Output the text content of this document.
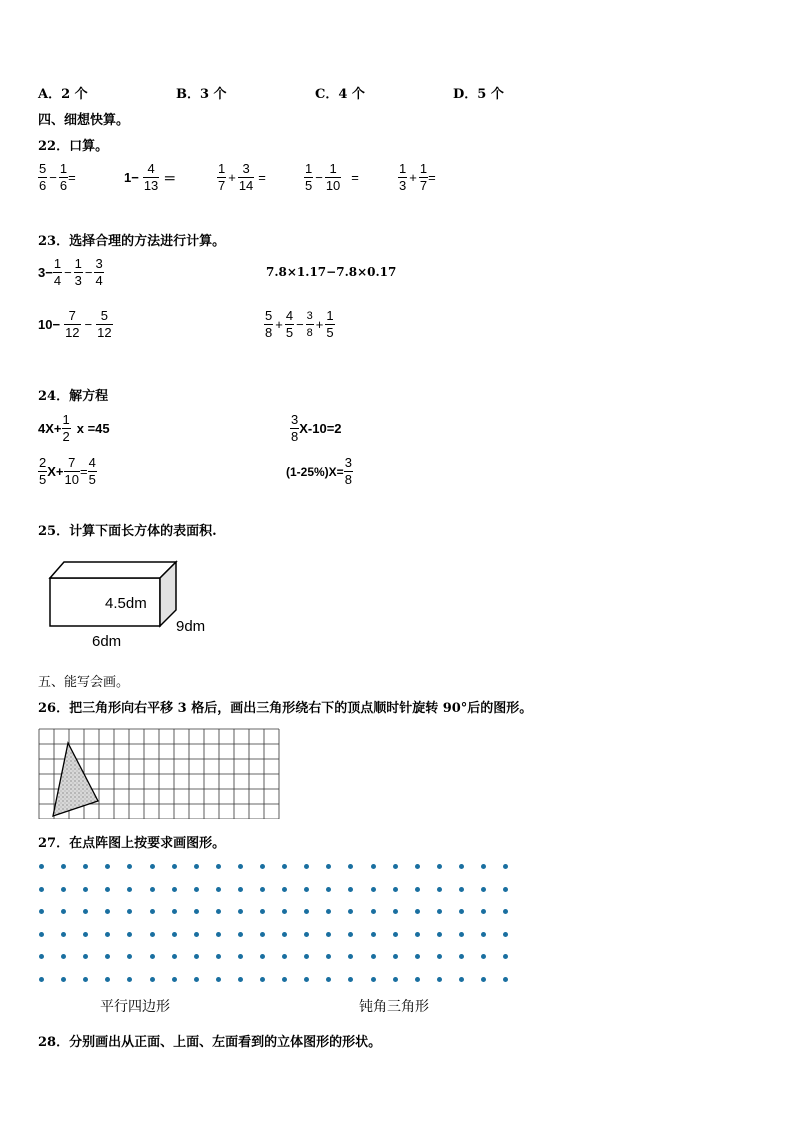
A．2 个	B．3 个	C．4 个	D．5 个
四、细想快算。
22．口算。
$\frac{5}{6} - \frac{1}{6}$ =	$1- \frac{4}{13}$ ＝	$\frac{1}{7} + \frac{3}{14}$ =	$\frac{1}{5} - \frac{1}{10}$ =	$\frac{1}{3} + \frac{1}{7}$ =
23．选择合理的方法进行计算。
$3- \frac{1}{4} - \frac{1}{3} - \frac{3}{4}$	7.8×1.17−7.8×0.17
$10- \frac{7}{12} - \frac{5}{12}$	$\frac{5}{8} + \frac{4}{5} - \frac{3}{8} + \frac{1}{5}$
24．解方程
$4X+ \frac{1}{2}$ x =45	$\frac{3}{8} X-10=2$
$\frac{2}{5} X+ \frac{7}{10} = \frac{4}{5}$	$(1-25\%)X= \frac{3}{8}$
25．计算下面长方体的表面积.
4.5dm
6dm
9dm
五、能写会画。
26．把三角形向右平移 3 格后，画出三角形绕右下的顶点顺时针旋转 90°后的图形。
27．在点阵图上按要求画图形。
平行四边形	钝角三角形
28．分别画出从正面、上面、左面看到的立体图形的形状。
